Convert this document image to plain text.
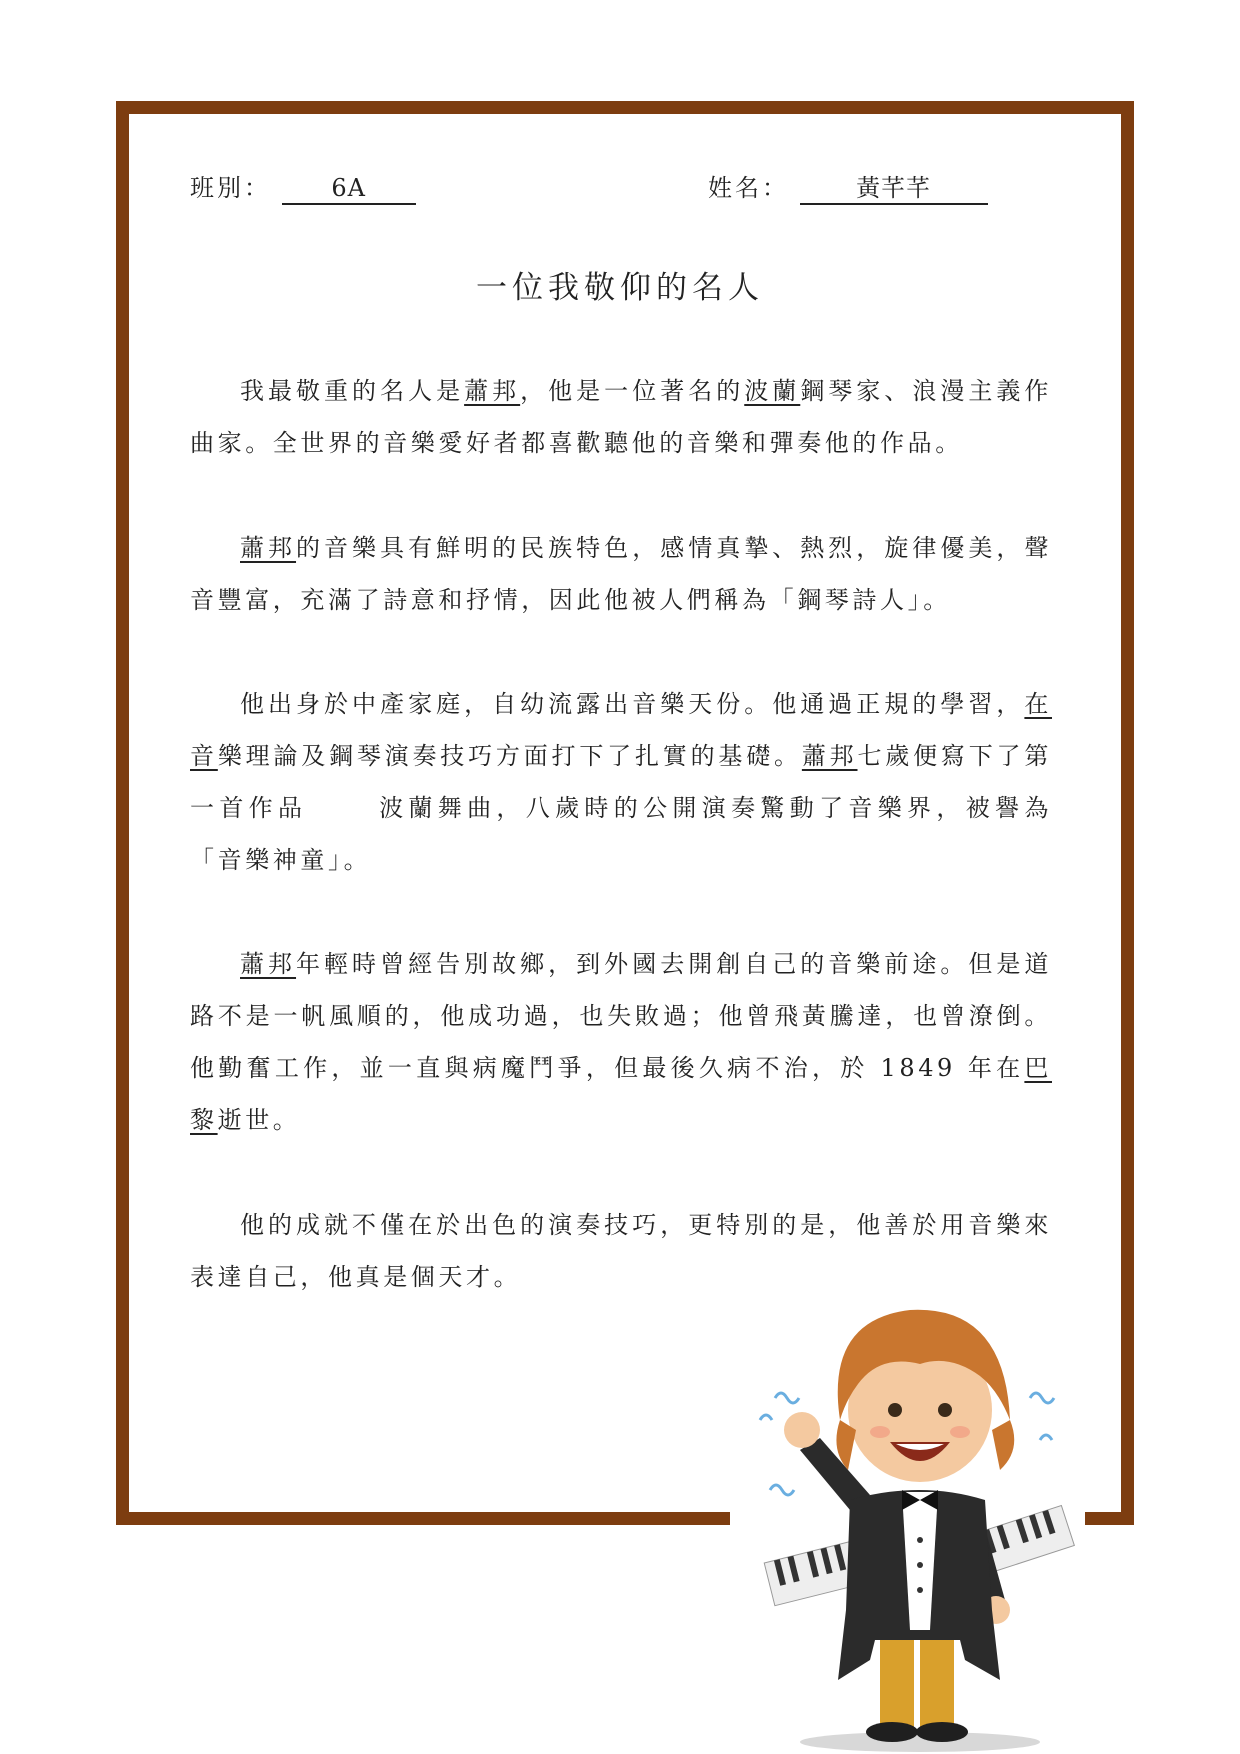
班別：	6A	姓名：	黃芊芊
一位我敬仰的名人

我最敬重的名人是蕭邦，他是一位著名的波蘭鋼琴家、浪漫主義作曲家。全世界的音樂愛好者都喜歡聽他的音樂和彈奏他的作品。

蕭邦的音樂具有鮮明的民族特色，感情真摯、熱烈，旋律優美，聲音豐富，充滿了詩意和抒情，因此他被人們稱為「鋼琴詩人」。

他出身於中產家庭，自幼流露出音樂天份。他通過正規的學習，在音樂理論及鋼琴演奏技巧方面打下了扎實的基礎。蕭邦七歲便寫下了第一首作品	波蘭舞曲，八歲時的公開演奏驚動了音樂界，被譽為「音樂神童」。

蕭邦年輕時曾經告別故鄉，到外國去開創自己的音樂前途。但是道路不是一帆風順的，他成功過，也失敗過；他曾飛黃騰達，也曾潦倒。他勤奮工作，並一直與病魔鬥爭，但最後久病不治，於 1849 年在巴黎逝世。

他的成就不僅在於出色的演奏技巧，更特別的是，他善於用音樂來表達自己，他真是個天才。
